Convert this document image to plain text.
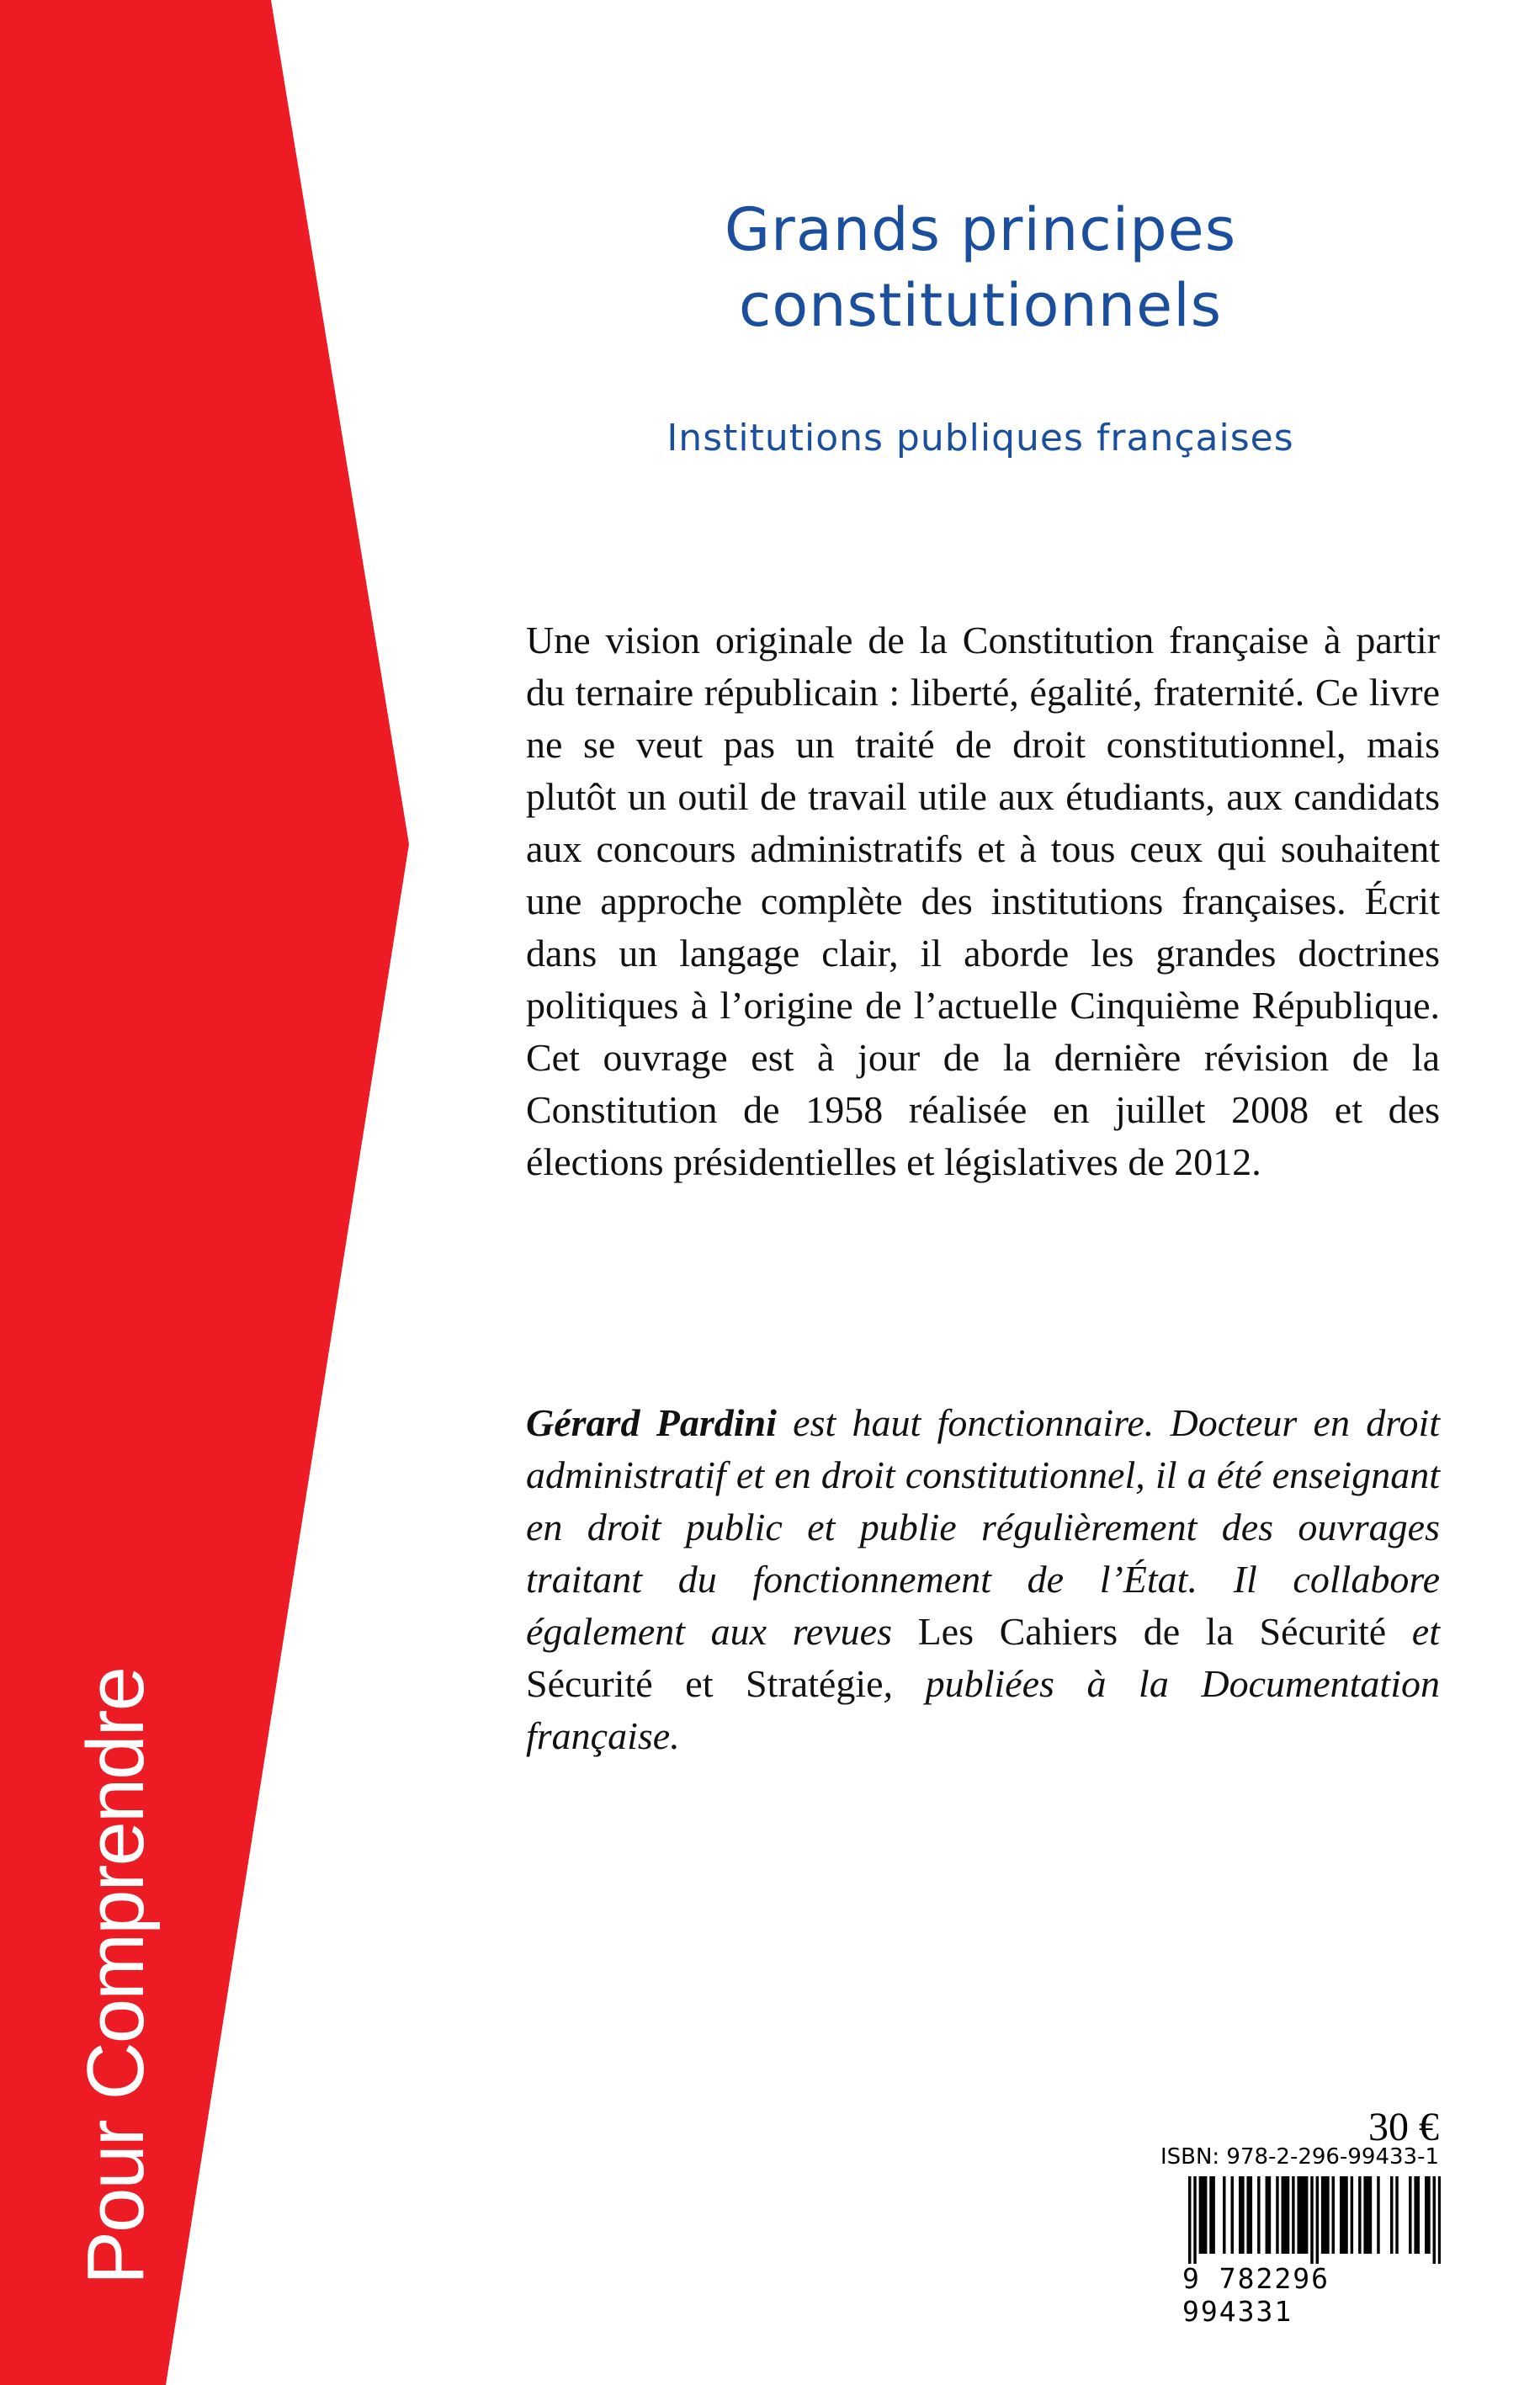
Pour Comprendre
Grands principes
constitutionnels
Institutions publiques françaises
Une vision originale de la Constitution française à partir du ternaire républicain : liberté, égalité, fraternité. Ce livre ne se veut pas un traité de droit constitutionnel, mais plutôt un outil de travail utile aux étudiants, aux candidats aux concours administratifs et à tous ceux qui souhaitent une approche complète des institutions françaises. Écrit dans un langage clair, il aborde les grandes doctrines politiques à l’origine de l’actuelle Cinquième République. Cet ouvrage est à jour de la dernière révision de la Constitution de 1958 réalisée en juillet 2008 et des élections présidentielles et législatives de 2012.
Gérard Pardini est haut fonctionnaire. Docteur en droit administratif et en droit constitutionnel, il a été enseignant en droit public et publie régulièrement des ouvrages traitant du fonctionnement de l’État. Il collabore également aux revues Les Cahiers de la Sécurité et Sécurité et Stratégie, publiées à la Documentation française.
30 €
ISBN: 978-2-296-99433-1
9 782296 994331
